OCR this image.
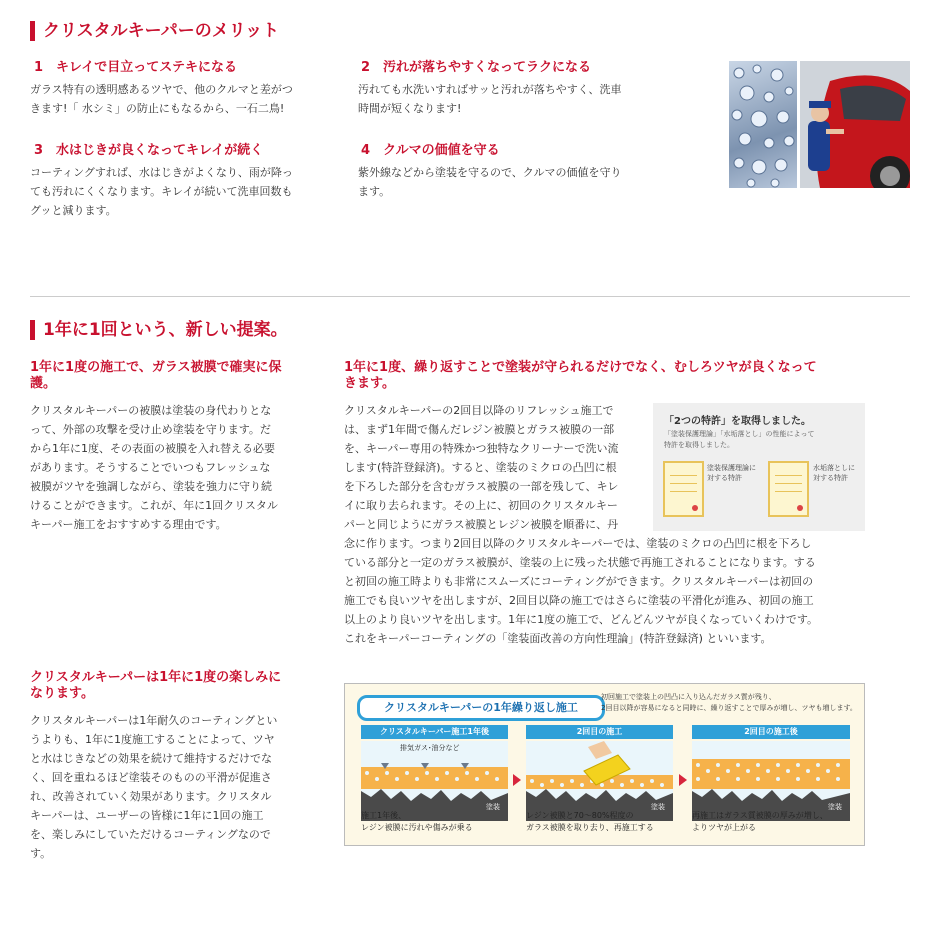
クリスタルキーパーのメリット
1　キレイで目立ってステキになる
ガラス特有の透明感あるツヤで、他のクルマと差がつ
きます!「 水シミ」の防止にもなるから、一石二鳥!
2　汚れが落ちやすくなってラクになる
汚れても水洗いすればサッと汚れが落ちやすく、洗車
時間が短くなります!
3　水はじきが良くなってキレイが続く
コーティングすれば、水はじきがよくなり、雨が降っ
ても汚れにくくなります。キレイが続いて洗車回数も
グッと減ります。
4　クルマの価値を守る
紫外線などから塗装を守るので、クルマの価値を守り
ます。
1年に1回という、新しい提案。
1年に1度の施工で、ガラス被膜で確実に保
護。
クリスタルキーパーの被膜は塗装の身代わりとな
って、外部の攻撃を受け止め塗装を守ります。だ
から1年に1度、その表面の被膜を入れ替える必要
があります。そうすることでいつもフレッシュな
被膜がツヤを強調しながら、塗装を強力に守り続
けることができます。これが、年に1回クリスタル
キーパー施工をおすすめする理由です。
1年に1度、繰り返すことで塗装が守られるだけでなく、むしろツヤが良くなって
きます。
クリスタルキーパーの2回目以降のリフレッシュ施工で
は、まず1年間で傷んだレジン被膜とガラス被膜の一部
を、キーパー専用の特殊かつ独特なクリーナーで洗い流
します(特許登録済)。すると、塗装のミクロの凸凹に根
を下ろした部分を含むガラス被膜の一部を残して、キレ
イに取り去られます。その上に、初回のクリスタルキー
パーと同じようにガラス被膜とレジン被膜を順番に、丹
念に作ります。つまり2回目以降のクリスタルキーパーでは、塗装のミクロの凸凹に根を下ろし
ている部分と一定のガラス被膜が、塗装の上に残った状態で再施工されることになります。する
と初回の施工時よりも非常にスムーズにコーティングができます。クリスタルキーパーは初回の
施工でも良いツヤを出しますが、2回目以降の施工ではさらに塗装の平滑化が進み、初回の施工
以上のより良いツヤを出します。1年に1度の施工で、どんどんツヤが良くなっていくわけです。
これをキーパーコーティングの「塗装面改善の方向性理論」(特許登録済) といいます。
「2つの特許」を取得しました。
「塗装保護理論」「水垢落とし」の性能によって
特許を取得しました。
塗装保護理論に
対する特許
水垢落としに
対する特許
クリスタルキーパーは1年に1度の楽しみに
なります。
クリスタルキーパーは1年耐久のコーティングとい
うよりも、1年に1度施工することによって、ツヤ
と水はじきなどの効果を続けて維持するだけでな
く、回を重ねるほど塗装そのものの平滑が促進さ
れ、改善されていく効果があります。クリスタル
キーパーは、ユーザーの皆様に1年に1回の施工
を、楽しみにしていただけるコーティングなので
す。
クリスタルキーパーの1年繰り返し施工
初回施工で塗装上の凹凸に入り込んだガラス質が残り、
2回目以降が容易になると同時に、繰り返すことで厚みが増し、ツヤも増します。
クリスタルキーパー施工1年後
排気ガス･油分など
塗装
施工1年後、
レジン被膜に汚れや傷みが乗る
2回目の施工
塗装
レジン被膜と70～80%程度の
ガラス被膜を取り去り、再施工する
2回目の施工後
塗装
再施工はガラス質被膜の厚みが増し、
よりツヤが上がる
